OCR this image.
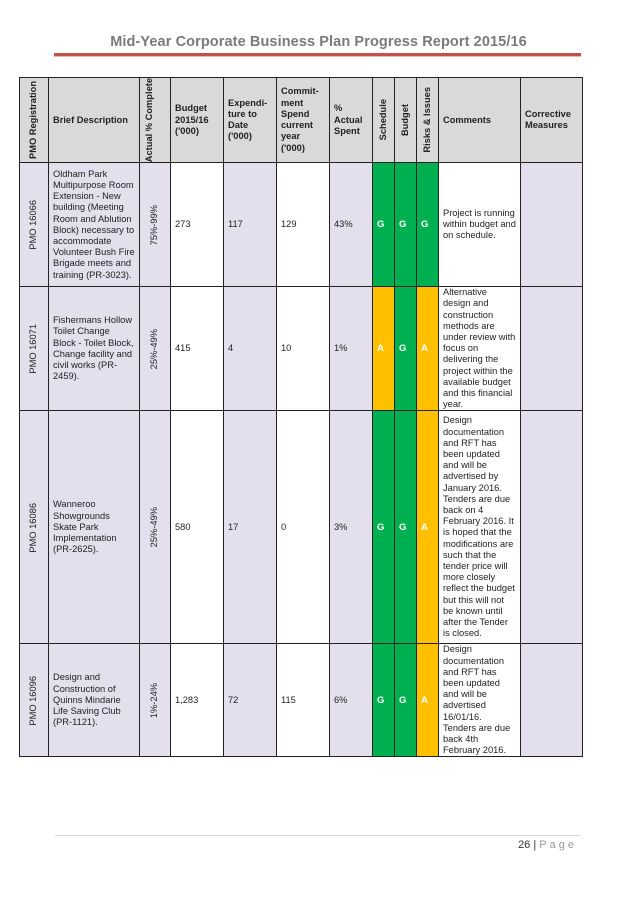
Mid-Year Corporate Business Plan Progress Report 2015/16
PMO Registration	Brief Description	Actual % Complete	Budget 2015/16 ('000)	Expendi- ture to Date ('000)	Commit- ment Spend current year ('000)	% Actual Spent	Schedule	Budget	Risks & Issues	Comments	Corrective Measures

PMO 16066	Oldham Park Multipurpose Room Extension - New building (Meeting Room and Ablution Block) necessary to accommodate Volunteer Bush Fire Brigade meets and training (PR-3023).	75%-99%	273	117	129	43%	G	G	G	Project is running within budget and on schedule.	

PMO 16071	Fishermans Hollow Toilet Change Block - Toilet Block, Change facility and civil works (PR-2459).	25%-49%	415	4	10	1%	A	G	A	Alternative design and construction methods are under review with focus on delivering the project within the available budget and this financial year.	

PMO 16086	Wanneroo Showgrounds Skate Park Implementation (PR-2625).	25%-49%	580	17	0	3%	G	G	A	Design documentation and RFT has been updated and will be advertised by January 2016. Tenders are due back on 4 February 2016. It is hoped that the modifications are such that the tender price will more closely reflect the budget but this will not be known until after the Tender is closed.	

PMO 16096	Design and Construction of Quinns Mindarie Life Saving Club (PR-1121).	1%-24%	1,283	72	115	6%	G	G	A	Design documentation and RFT has been updated and will be advertised 16/01/16. Tenders are due back 4th February 2016.	
26 | Page
